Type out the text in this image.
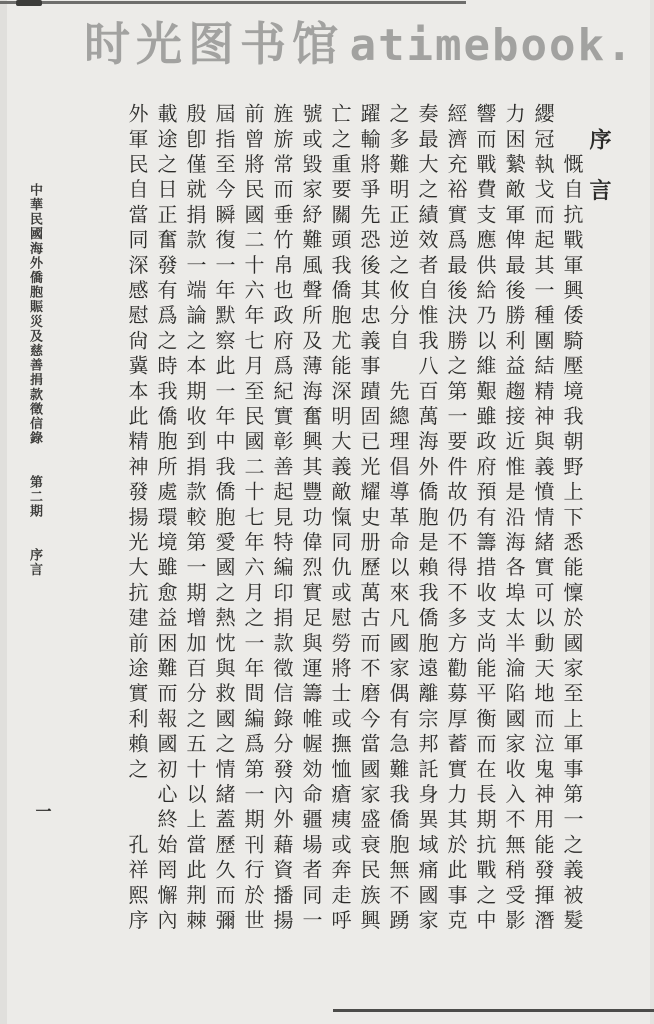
时光图书馆 atimebook.
　序　言
　　慨自抗戰軍興倭騎壓境我朝野上下悉能懍於國家至上軍事第一之義被髮
纓冠執戈而起其一種團結精神與義憤情緒實可以動天地而泣鬼神用能發揮潛
力困縶敵軍俾最後勝利益趨接近惟是沿海各埠太半淪陷國家收入不無稍受影
響而戰費支應供給乃以維艱雖政府預有籌措收支尚能平衡而在長期抗戰之中
經濟充裕實爲最後決勝之第一要件故仍不得不多方勸募厚蓄實力其於此事克
奏最大之績效者自惟我八百萬海外僑胞是賴我僑胞遠離宗邦託身異域痛國家
之多難明正逆之攸分自　先總理倡導革命以來凡國家偶有急難我僑胞無不踴
躍輸將爭先恐後其忠義事蹟固已光耀史册歷萬古而不磨今當國家盛衰民族興
亡之重要關頭我僑胞尤能深明大義敵愾同仇或慰勞將士或撫恤瘡痍或奔走呼
號或毀家紓難風聲所及薄海奮興其豐功偉烈實足與運籌帷幄効命疆場者同一
旌旂常而垂竹帛也政府爲紀實彰善起見特編印捐款徵信錄分發內外藉資播揚
前曾將民國二十六年七月至民國二十七年六月之一年間編爲第一期刊行於世
屆指至今瞬復一年默察此一年中我僑胞愛國之熱忱與救國之情緒蓋歷久而彌
殷卽僅就捐款一端論之本期收到捐款較第一期增加百分之五十以上當此荆棘
載途之日正奮發有爲之時我僑胞所處環境雖愈益困難而報國初心終始罔懈內
外軍民自當同深感慰尙冀本此精神發揚光大抗建前途實利賴之　　孔祥熙序
中華民國海外僑胞賑災及慈善捐款徵信錄　　第二期　　序言
一
